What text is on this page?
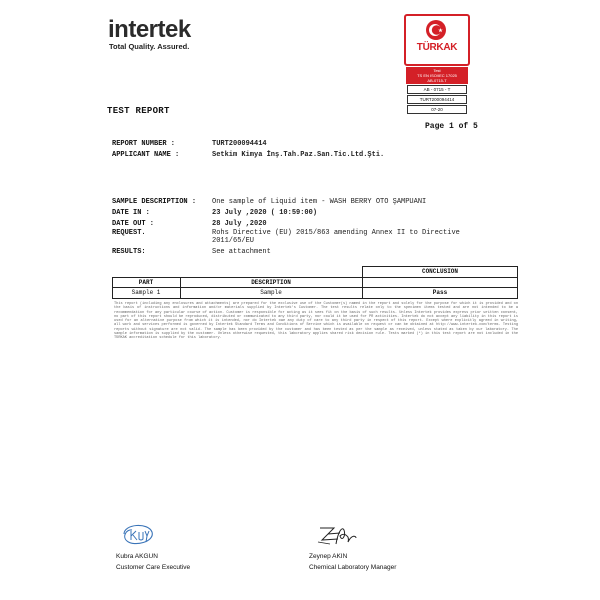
intertek
Total Quality. Assured.	TÜRKAK
Test
TS EN ISO/IEC 17025
AB-0715-T
AB - 0715 - T
TURT200094414
07-20
TEST REPORT
Page 1 of 5
REPORT NUMBER :	TURT200094414
APPLICANT NAME :	Setkim Kimya İnş.Tah.Paz.San.Tic.Ltd.Şti.
SAMPLE DESCRIPTION : One sample of Liquid item - WASH BERRY OTO ŞAMPUANI
DATE IN :	23 July ,2020 ( 10:59:00)
DATE OUT :	28 July ,2020
REQUEST.	Rohs Directive (EU) 2015/863 amending Annex II to Directive
2011/65/EU
RESULTS:	See attachment
CONCLUSION
PART	DESCRIPTION
Sample 1	Sample	Pass
This report (including any enclosures and attachments) are prepared for the exclusive use of the Customer(s) named in the report and solely for the purpose for which it is provided and on the basis of instructions and information and/or materials supplied by Intertek's Customer. The test results relate only to the specimen items tested and are not intended to be a recommendation for any particular course of action. Customer is responsible for acting as it sees fit on the basis of such results. Unless Intertek provides express prior written consent, no part of this report should be reproduced, distributed or communicated to any third party, nor could it be used for PR activities. Intertek do not accept any liability in this report is used for an alternative purpose from which it is intended, nor do Intertek owe any duty of care to any third party in respect of this report. Except where explicitly agreed in writing, all work and services performed is governed by Intertek Standard Terms and Conditions of Service which is available on request or can be obtained at http://www.intertek.com/terms. Testing reports without signature are not valid. The sample has been provided by the customer and has been tested as per the sample as received, unless stated as taken by our laboratory. The sample information is supplied by the customer. Unless otherwise requested, this laboratory applies shared risk decision rule. Tests marked (*) in this test report are not included in the TÜRKAK accreditation schedule for this laboratory.
Kubra AKGUN
Customer Care Executive
Zeynep AKIN
Chemical Laboratory Manager
